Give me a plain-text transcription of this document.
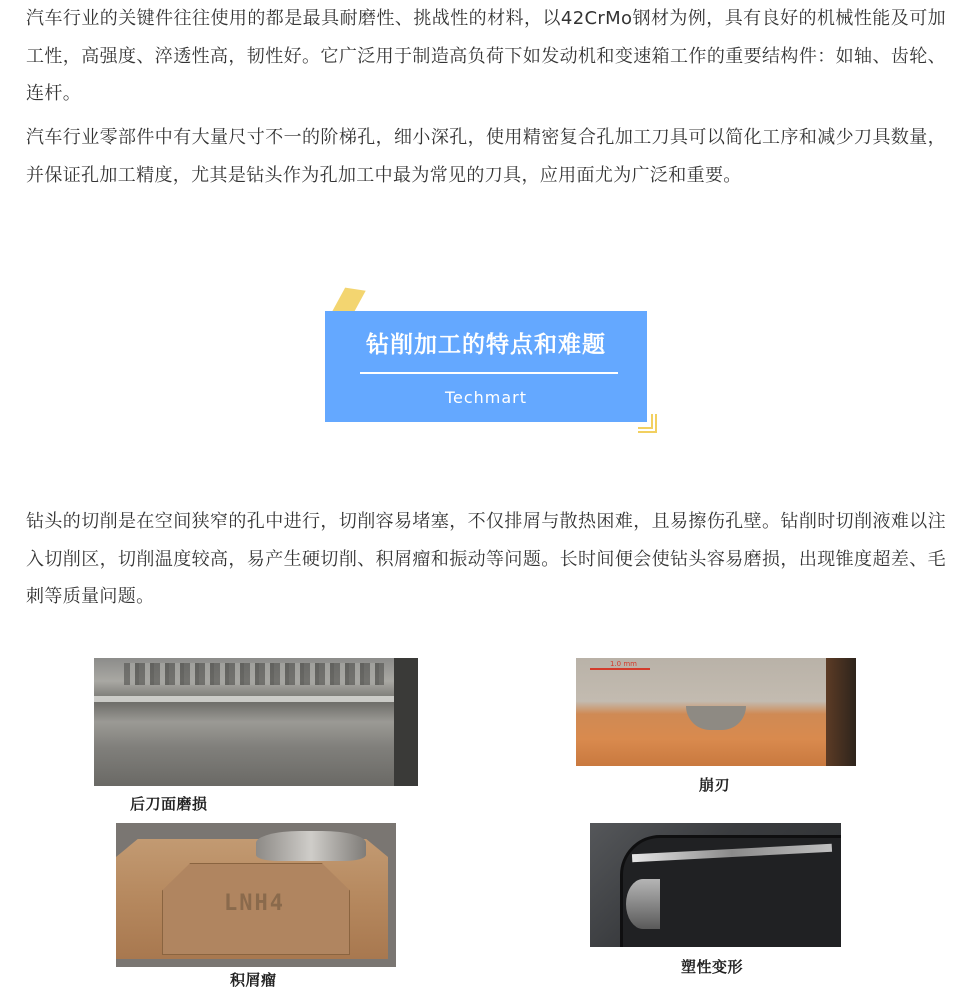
汽车行业的关键件往往使用的都是最具耐磨性、挑战性的材料，以42CrMo钢材为例，具有良好的机械性能及可加工性，高强度、淬透性高，韧性好。它广泛用于制造高负荷下如发动机和变速箱工作的重要结构件：如轴、齿轮、连杆。

汽车行业零部件中有大量尺寸不一的阶梯孔，细小深孔，使用精密复合孔加工刀具可以简化工序和减少刀具数量，并保证孔加工精度，尤其是钻头作为孔加工中最为常见的刀具，应用面尤为广泛和重要。

钻削加工的特点和难题
Techmart

钻头的切削是在空间狭窄的孔中进行，切削容易堵塞，不仅排屑与散热困难，且易擦伤孔壁。钻削时切削液难以注入切削区，切削温度较高，易产生硬切削、积屑瘤和振动等问题。长时间便会使钻头容易磨损，出现锥度超差、毛刺等质量问题。

后刀面磨损
1.0 mm
崩刃
LNH4
积屑瘤
塑性变形
